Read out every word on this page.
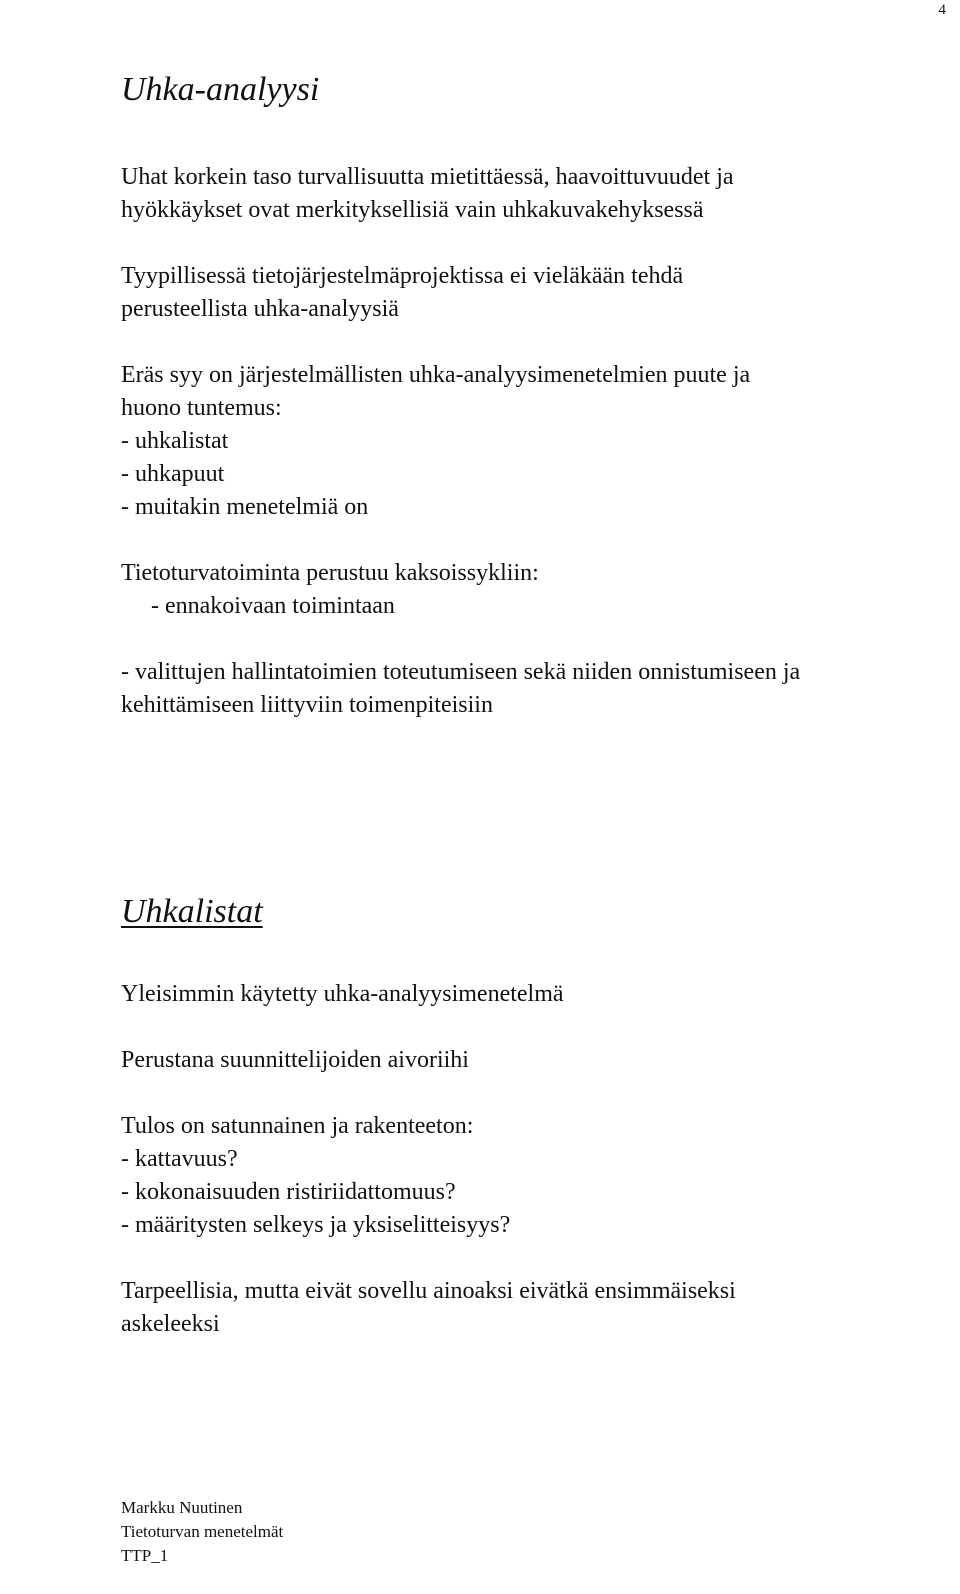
4
Uhka-analyysi

Uhat korkein taso turvallisuutta mietittäessä, haavoittuvuudet ja
hyökkäykset ovat merkityksellisiä vain uhkakuvakehyksessä

Tyypillisessä tietojärjestelmäprojektissa ei vieläkään tehdä
perusteellista uhka-analyysiä

Eräs syy on järjestelmällisten uhka-analyysimenetelmien puute ja
huono tuntemus:
- uhkalistat
- uhkapuut
- muitakin menetelmiä on

Tietoturvatoiminta perustuu kaksoissykliin:

- ennakoivaan toimintaan

- valittujen hallintatoimien toteutumiseen sekä niiden onnistumiseen ja
kehittämiseen liittyviin toimenpiteisiin

Uhkalistat

Yleisimmin käytetty uhka-analyysimenetelmä

Perustana suunnittelijoiden aivoriihi

Tulos on satunnainen ja rakenteeton:
- kattavuus?
- kokonaisuuden ristiriidattomuus?
- määritysten selkeys ja yksiselitteisyys?

Tarpeellisia, mutta eivät sovellu ainoaksi eivätkä ensimmäiseksi
askeleeksi

Markku Nuutinen
Tietoturvan menetelmät
TTP_1
